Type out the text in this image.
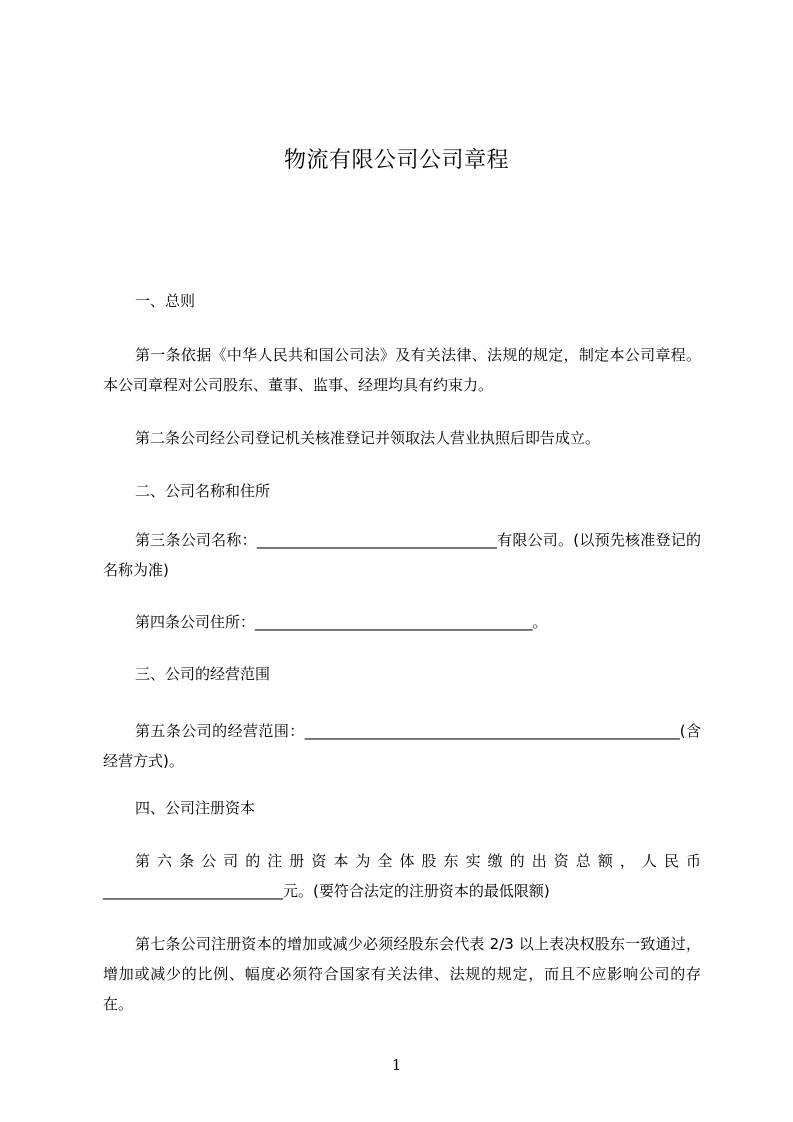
物流有限公司公司章程
一、总则
第一条依据《中华人民共和国公司法》及有关法律、法规的规定，制定本公司章程。本公司章程对公司股东、董事、监事、经理均具有约束力。
第二条公司经公司登记机关核准登记并领取法人营业执照后即告成立。
二、公司名称和住所
第三条公司名称：________________________________有限公司。(以预先核准登记的名称为准)
第四条公司住所：_____________________________________。
三、公司的经营范围
第五条公司的经营范围：__________________________________________________(含经营方式)。
四、公司注册资本
第六条公司的注册资本为全体股东实缴的出资总额，人民币________________________元。(要符合法定的注册资本的最低限额)
第七条公司注册资本的增加或减少必须经股东会代表 2/3 以上表决权股东一致通过，增加或减少的比例、幅度必须符合国家有关法律、法规的规定，而且不应影响公司的存在。
1
